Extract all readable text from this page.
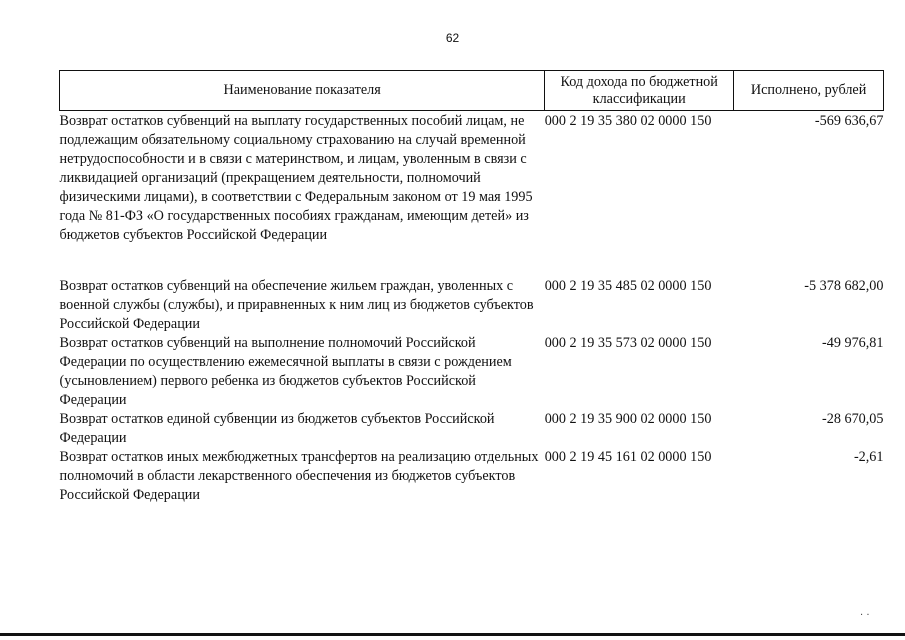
62
Наименование показателя	Код дохода по бюджетной классификации	Исполнено, рублей
Возврат остатков субвенций на выплату государственных пособий лицам, не подлежащим обязательному социальному страхованию на случай временной нетрудоспособности и в связи с материнством, и лицам, уволенным в связи с ликвидацией организаций (прекращением деятельности, полномочий физическими лицами), в соответствии с Федеральным законом от 19 мая 1995 года № 81-ФЗ «О государственных пособиях гражданам, имеющим детей» из бюджетов субъектов Российской Федерации	000 2 19 35 380 02 0000 150	-569 636,67

Возврат остатков субвенций на обеспечение жильем граждан, уволенных с военной службы (службы), и приравненных к ним лиц из бюджетов субъектов Российской Федерации	000 2 19 35 485 02 0000 150	-5 378 682,00
Возврат остатков субвенций на выполнение полномочий Российской Федерации по осуществлению ежемесячной выплаты в связи с рождением (усыновлением) первого ребенка из бюджетов субъектов Российской Федерации	000 2 19 35 573 02 0000 150	-49 976,81
Возврат остатков единой субвенции из бюджетов субъектов Российской Федерации	000 2 19 35 900 02 0000 150	-28 670,05
Возврат остатков иных межбюджетных трансфертов на реализацию отдельных полномочий в области лекарственного обеспечения из бюджетов субъектов Российской Федерации	000 2 19 45 161 02 0000 150	-2,61
· ·
